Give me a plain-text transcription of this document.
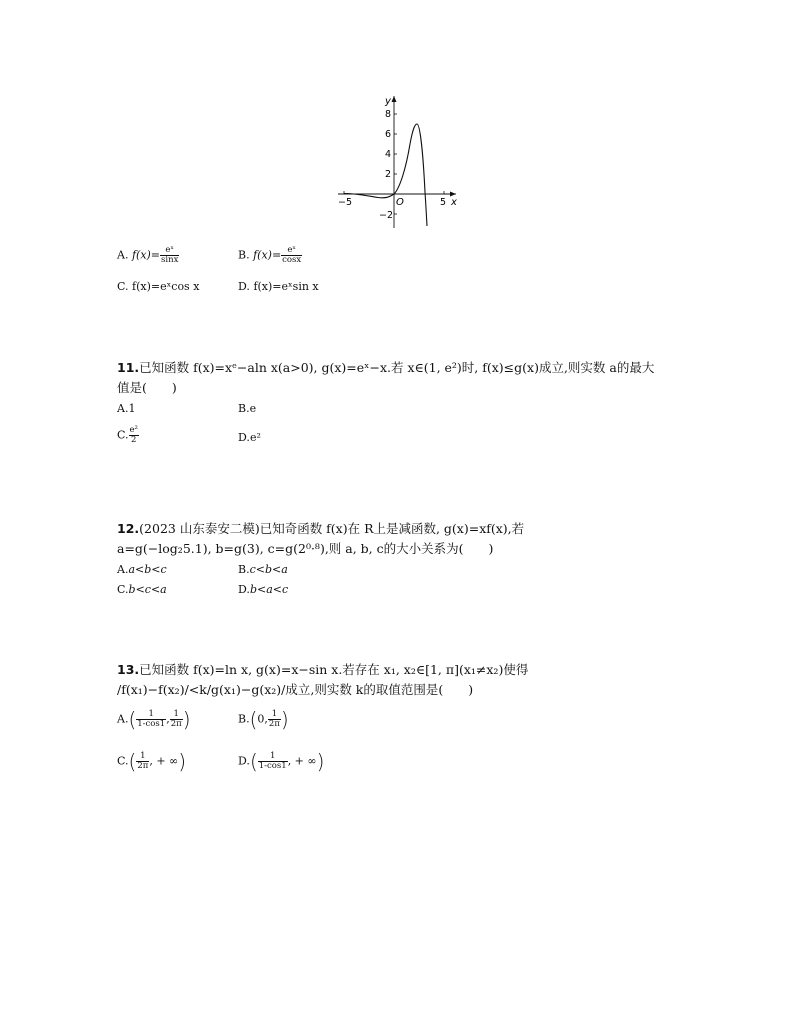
y
x
O
−5	5
8
6
4
2
−2
A. $f(x)= \frac{\text{eˣ}}{\sin x}$	B. $f(x)= \frac{\text{eˣ}}{\cos x}$
C. f(x)=eˣcos x	D. f(x)=eˣsin x
11.已知函数 f(x)=xᵉ−aln x(a>0), g(x)=eˣ−x.若 x∈(1, e²)时, f(x)≤g(x)成立,则实数 a的最大
值是(　　)
A.1	B.e
C. $\frac{\text{e²}}{2}$	D.e²
12.(2023 山东泰安二模)已知奇函数 f(x)在 R上是减函数, g(x)=xf(x),若
a=g(−log₂5.1), b=g(3), c=g(2⁰·⁸),则 a, b, c的大小关系为(　　)
A.a<b<c	B.c<b<a
C.b<c<a	D.b<a<c
13.已知函数 f(x)=ln x, g(x)=x−sin x.若存在 x₁, x₂∈[1, π](x₁≠x₂)使得
/f(x₁)−f(x₂)/<k/g(x₁)−g(x₂)/成立,则实数 k的取值范围是(　　)
$A.( \frac{1}{1-\cos 1}$ , $\frac{1}{2\pi}$ )	B.(0, $\frac{1}{2\pi}$ )
$C.( \frac{1}{2\pi}$ , + ∞)	$D.( \frac{1}{1-\cos 1}$ , + ∞)
